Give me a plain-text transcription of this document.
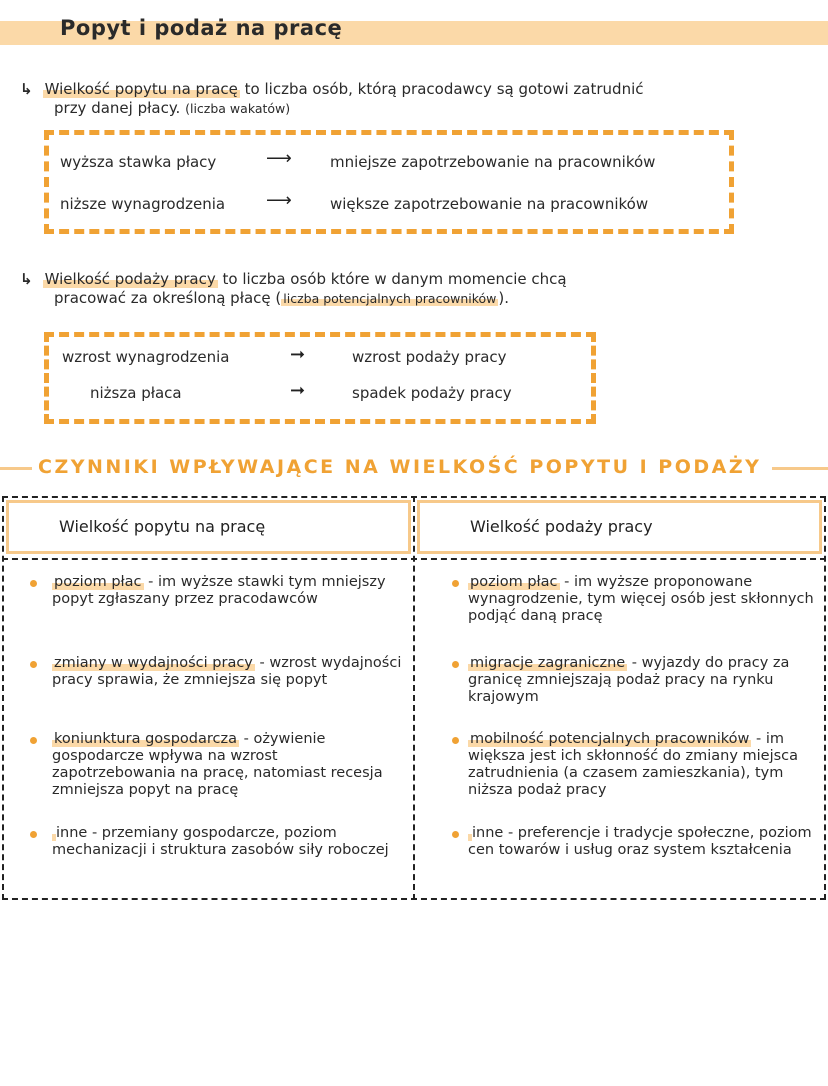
Popyt i podaż na pracę
↳ Wielkość popytu na pracę to liczba osób, którą pracodawcy są gotowi zatrudnić
przy danej płacy. (liczba wakatów)
wyższa stawka płacy	⟶	mniejsze zapotrzebowanie na pracowników
niższe wynagrodzenia ⟶	większe zapotrzebowanie na pracowników
↳ Wielkość podaży pracy to liczba osób które w danym momencie chcą
pracować za określoną płacę ( liczba potencjalnych pracowników ).
wzrost wynagrodzenia	➞	wzrost podaży pracy
niższa płaca	➞	spadek podaży pracy
CZYNNIKI WPŁYWAJĄCE NA WIELKOŚĆ POPYTU I PODAŻY
Wielkość popytu na pracę	Wielkość podaży pracy
poziom płac - im wyższe stawki tym mniejszy popyt zgłaszany przez pracodawców
zmiany w wydajności pracy - wzrost wydajności pracy sprawia, że zmniejsza się popyt
koniunktura gospodarcza - ożywienie gospodarcze wpływa na wzrost zapotrzebowania na pracę, natomiast recesja zmniejsza popyt na pracę
inne - przemiany gospodarcze, poziom mechanizacji i struktura zasobów siły roboczej
poziom płac - im wyższe proponowane wynagrodzenie, tym więcej osób jest skłonnych podjąć daną pracę
migracje zagraniczne - wyjazdy do pracy za granicę zmniejszają podaż pracy na rynku krajowym
mobilność potencjalnych pracowników - im większa jest ich skłonność do zmiany miejsca zatrudnienia (a czasem zamieszkania), tym niższa podaż pracy
inne - preferencje i tradycje społeczne, poziom cen towarów i usług oraz system kształcenia
